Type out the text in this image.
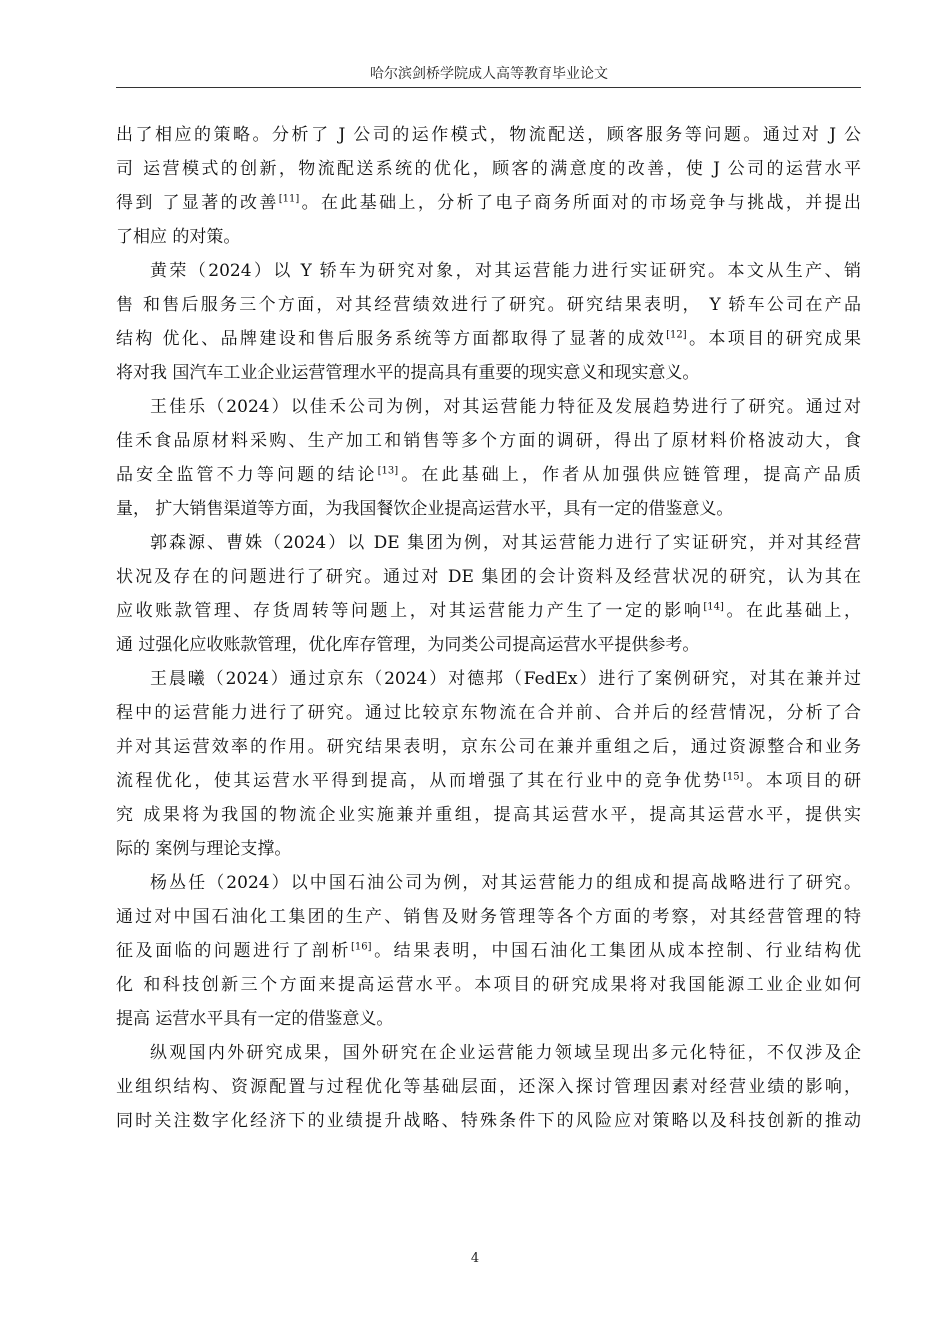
哈尔滨剑桥学院成人高等教育毕业论文
出了相应的策略。分析了 J 公司的运作模式，物流配送，顾客服务等问题。通过对 J 公
司 运营模式的创新，物流配送系统的优化，顾客的满意度的改善，使 J 公司的运营水平
得到 了显著的改善[11]。在此基础上，分析了电子商务所面对的市场竞争与挑战，并提出
了相应 的对策。
黄荣（2024）以 Y 轿车为研究对象，对其运营能力进行实证研究。本文从生产、销
售 和售后服务三个方面，对其经营绩效进行了研究。研究结果表明， Y 轿车公司在产品
结构 优化、品牌建设和售后服务系统等方面都取得了显著的成效[12]。本项目的研究成果
将对我 国汽车工业企业运营管理水平的提高具有重要的现实意义和现实意义。
王佳乐（2024）以佳禾公司为例，对其运营能力特征及发展趋势进行了研究。通过对
佳禾食品原材料采购、生产加工和销售等多个方面的调研，得出了原材料价格波动大，食
品安全监管不力等问题的结论[13]。在此基础上，作者从加强供应链管理，提高产品质
量， 扩大销售渠道等方面，为我国餐饮企业提高运营水平，具有一定的借鉴意义。
郭森源、曹姝（2024）以 DE 集团为例，对其运营能力进行了实证研究，并对其经营
状况及存在的问题进行了研究。通过对 DE 集团的会计资料及经营状况的研究，认为其在
应收账款管理、存货周转等问题上，对其运营能力产生了一定的影响[14]。在此基础上，
通 过强化应收账款管理，优化库存管理，为同类公司提高运营水平提供参考。
王晨曦（2024）通过京东（2024）对德邦（FedEx）进行了案例研究，对其在兼并过
程中的运营能力进行了研究。通过比较京东物流在合并前、合并后的经营情况，分析了合
并对其运营效率的作用。研究结果表明，京东公司在兼并重组之后，通过资源整合和业务
流程优化，使其运营水平得到提高，从而增强了其在行业中的竞争优势[15]。本项目的研
究 成果将为我国的物流企业实施兼并重组，提高其运营水平，提高其运营水平，提供实
际的 案例与理论支撑。
杨丛任（2024）以中国石油公司为例，对其运营能力的组成和提高战略进行了研究。
通过对中国石油化工集团的生产、销售及财务管理等各个方面的考察，对其经营管理的特
征及面临的问题进行了剖析[16]。结果表明，中国石油化工集团从成本控制、行业结构优
化 和科技创新三个方面来提高运营水平。本项目的研究成果将对我国能源工业企业如何
提高 运营水平具有一定的借鉴意义。
纵观国内外研究成果，国外研究在企业运营能力领域呈现出多元化特征，不仅涉及企
业组织结构、资源配置与过程优化等基础层面，还深入探讨管理因素对经营业绩的影响，
同时关注数字化经济下的业绩提升战略、特殊条件下的风险应对策略以及科技创新的推动
4
